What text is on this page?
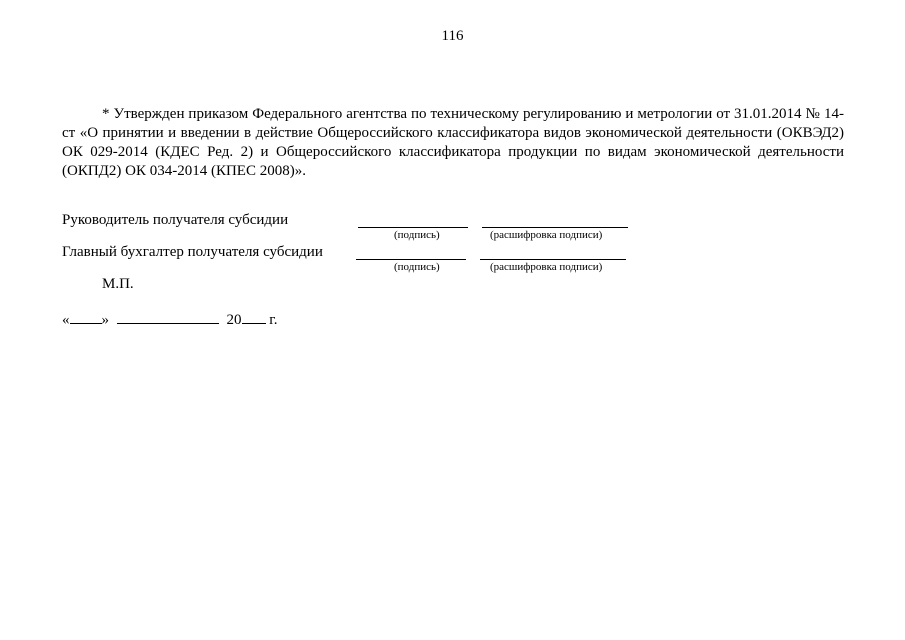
116

* Утвержден приказом Федерального агентства по техническому регулированию и метрологии от 31.01.2014 № 14-ст «О принятии и введении в действие Общероссийского классификатора видов экономической деятельности (ОКВЭД2) ОК 029-2014 (КДЕС Ред. 2) и Общероссийского классификатора продукции по видам экономической деятельности (ОКПД2) ОК 034-2014 (КПЕС 2008)».

Руководитель получателя субсидии
(подпись)	(расшифровка подписи)
Главный бухгалтер получателя субсидии
(подпись)	(расшифровка подписи)
М.П.
« »	20 г.
